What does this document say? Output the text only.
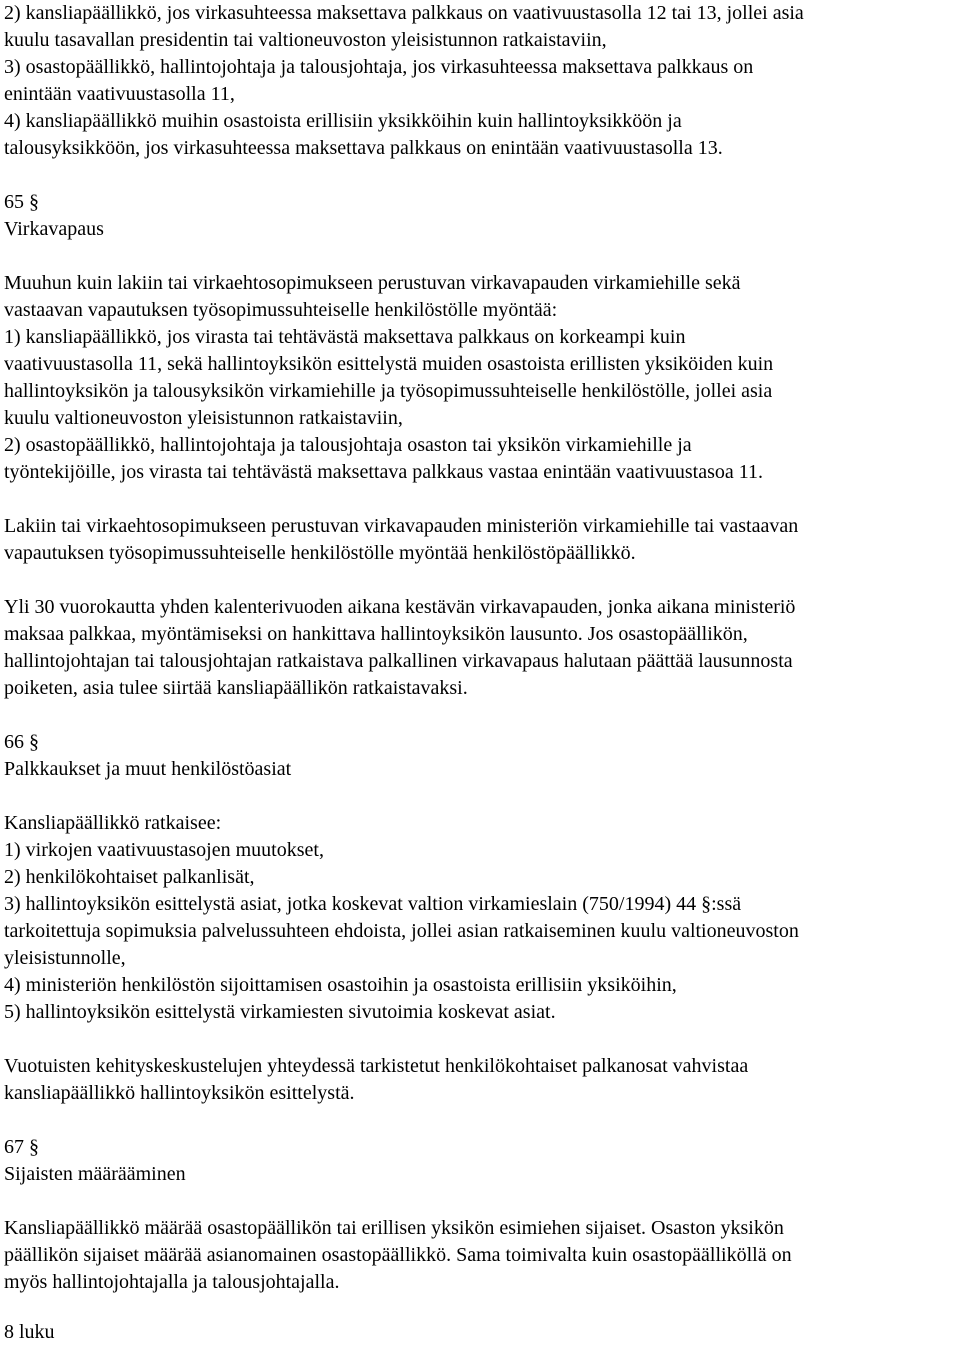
2) kansliapäällikkö, jos virkasuhteessa maksettava palkkaus on vaativuustasolla 12 tai 13, jollei asia
kuulu tasavallan presidentin tai valtioneuvoston yleisistunnon ratkaistaviin,
3) osastopäällikkö, hallintojohtaja ja talousjohtaja, jos virkasuhteessa maksettava palkkaus on
enintään vaativuustasolla 11,
4) kansliapäällikkö muihin osastoista erillisiin yksikköihin kuin hallintoyksikköön ja
talousyksikköön, jos virkasuhteessa maksettava palkkaus on enintään vaativuustasolla 13.
65 §
Virkavapaus
Muuhun kuin lakiin tai virkaehtosopimukseen perustuvan virkavapauden virkamiehille sekä
vastaavan vapautuksen työsopimussuhteiselle henkilöstölle myöntää:
1) kansliapäällikkö, jos virasta tai tehtävästä maksettava palkkaus on korkeampi kuin
vaativuustasolla 11, sekä hallintoyksikön esittelystä muiden osastoista erillisten yksiköiden kuin
hallintoyksikön ja talousyksikön virkamiehille ja työsopimussuhteiselle henkilöstölle, jollei asia
kuulu valtioneuvoston yleisistunnon ratkaistaviin,
2) osastopäällikkö, hallintojohtaja ja talousjohtaja osaston tai yksikön virkamiehille ja
työntekijöille, jos virasta tai tehtävästä maksettava palkkaus vastaa enintään vaativuustasoa 11.
Lakiin tai virkaehtosopimukseen perustuvan virkavapauden ministeriön virkamiehille tai vastaavan
vapautuksen työsopimussuhteiselle henkilöstölle myöntää henkilöstöpäällikkö.
Yli 30 vuorokautta yhden kalenterivuoden aikana kestävän virkavapauden, jonka aikana ministeriö
maksaa palkkaa, myöntämiseksi on hankittava hallintoyksikön lausunto. Jos osastopäällikön,
hallintojohtajan tai talousjohtajan ratkaistava palkallinen virkavapaus halutaan päättää lausunnosta
poiketen, asia tulee siirtää kansliapäällikön ratkaistavaksi.
66 §
Palkkaukset ja muut henkilöstöasiat
Kansliapäällikkö ratkaisee:
1) virkojen vaativuustasojen muutokset,
2) henkilökohtaiset palkanlisät,
3) hallintoyksikön esittelystä asiat, jotka koskevat valtion virkamieslain (750/1994) 44 §:ssä
tarkoitettuja sopimuksia palvelussuhteen ehdoista, jollei asian ratkaiseminen kuulu valtioneuvoston
yleisistunnolle,
4) ministeriön henkilöstön sijoittamisen osastoihin ja osastoista erillisiin yksiköihin,
5) hallintoyksikön esittelystä virkamiesten sivutoimia koskevat asiat.
Vuotuisten kehityskeskustelujen yhteydessä tarkistetut henkilökohtaiset palkanosat vahvistaa
kansliapäällikkö hallintoyksikön esittelystä.
67 §
Sijaisten määrääminen
Kansliapäällikkö määrää osastopäällikön tai erillisen yksikön esimiehen sijaiset. Osaston yksikön
päällikön sijaiset määrää asianomainen osastopäällikkö. Sama toimivalta kuin osastopäälliköllä on
myös hallintojohtajalla ja talousjohtajalla.
8 luku
